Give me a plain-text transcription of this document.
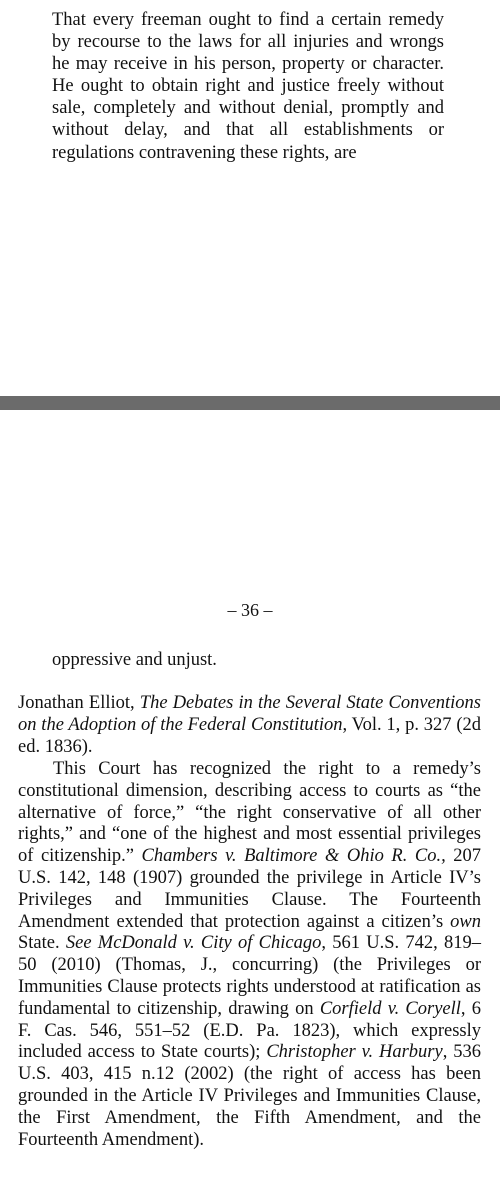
That every freeman ought to find a certain remedy by recourse to the laws for all injuries and wrongs he may receive in his person, property or character. He ought to obtain right and justice freely without sale, completely and without denial, promptly and without delay, and that all establishments or regulations contravening these rights, are

– 36 –

oppressive and unjust.

Jonathan Elliot, The Debates in the Several State Conventions on the Adoption of the Federal Constitution, Vol. 1, p. 327 (2d ed. 1836).

This Court has recognized the right to a remedy’s constitutional dimension, describing access to courts as “the alternative of force,” “the right conservative of all other rights,” and “one of the highest and most essential privileges of citizenship.” Chambers v. Baltimore & Ohio R. Co., 207 U.S. 142, 148 (1907) grounded the privilege in Article IV’s Privileges and Immunities Clause. The Fourteenth Amendment extended that protection against a citizen’s own State. See McDonald v. City of Chicago, 561 U.S. 742, 819–50 (2010) (Thomas, J., concurring) (the Privileges or Immunities Clause protects rights understood at ratification as fundamental to citizenship, drawing on Corfield v. Coryell, 6 F. Cas. 546, 551–52 (E.D. Pa. 1823), which expressly included access to State courts); Christopher v. Harbury, 536 U.S. 403, 415 n.12 (2002) (the right of access has been grounded in the Article IV Privileges and Immunities Clause, the First Amendment, the Fifth Amendment, and the Fourteenth Amendment).
